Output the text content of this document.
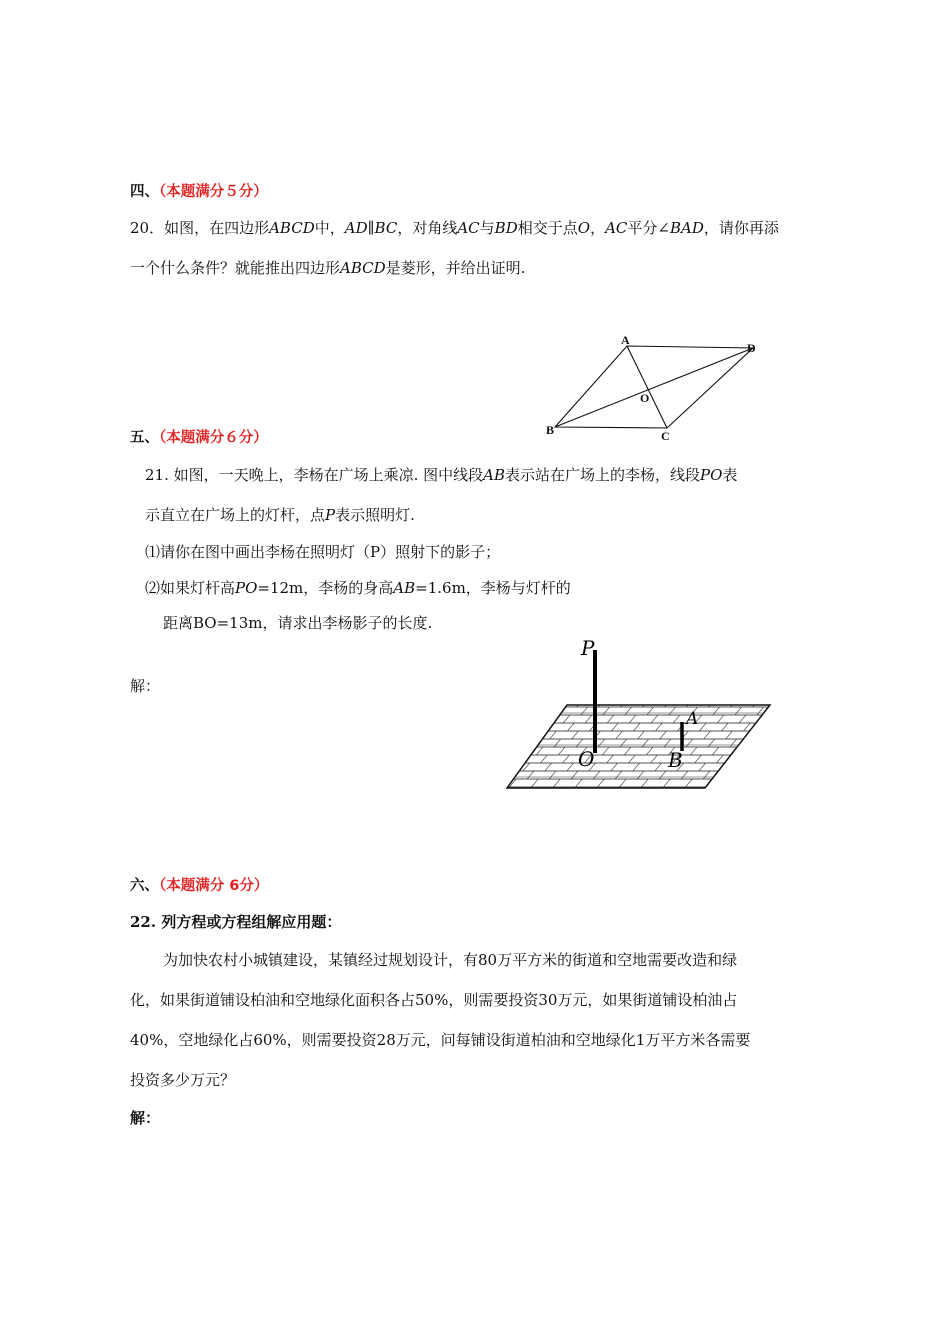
四、（本题满分５分）
20．如图，在四边形ABCD中，AD∥BC，对角线AC与BD相交于点O，AC平分∠BAD，请你再添
一个什么条件？就能推出四边形ABCD是菱形，并给出证明.
A
D
O
B	C
五、（本题满分６分）
21. 如图，一天晚上，李杨在广场上乘凉. 图中线段AB表示站在广场上的李杨，线段PO表
示直立在广场上的灯杆，点P表示照明灯.
⑴请你在图中画出李杨在照明灯（P）照射下的影子；
⑵如果灯杆高PO=12m，李杨的身高AB=1.6m，李杨与灯杆的
距离BO=13m，请求出李杨影子的长度.
解：
P
O
A
B
六、（本题满分 6分）
22. 列方程或方程组解应用题：
为加快农村小城镇建设，某镇经过规划设计，有80万平方米的街道和空地需要改造和绿
化，如果街道铺设柏油和空地绿化面积各占50%，则需要投资30万元，如果街道铺设柏油占
40%，空地绿化占60%，则需要投资28万元，问每铺设街道柏油和空地绿化1万平方米各需要
投资多少万元？
解：
